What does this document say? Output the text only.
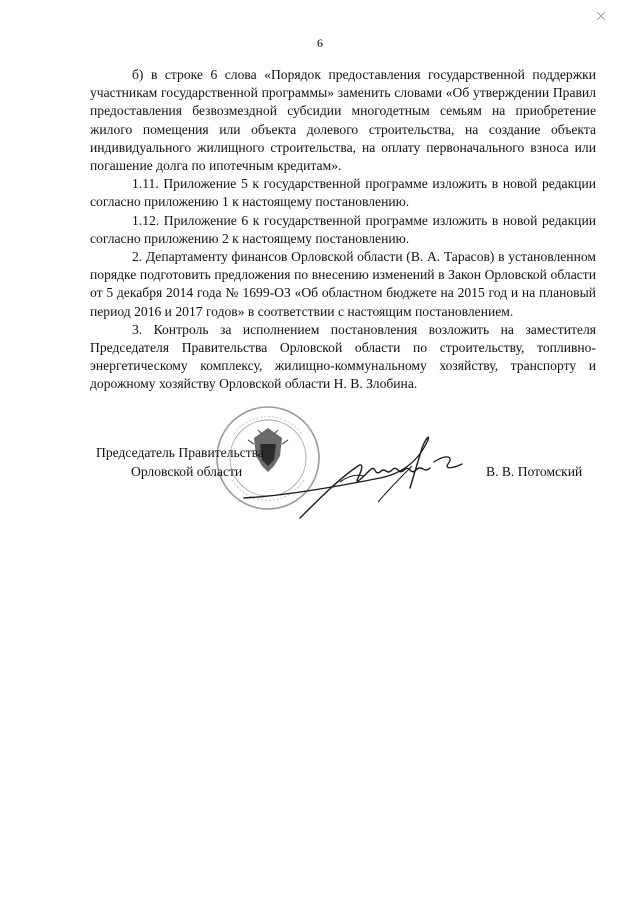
6

б) в строке 6 слова «Порядок предоставления государственной поддержки участникам государственной программы» заменить словами «Об утверждении Правил предоставления безвозмездной субсидии многодетным семьям на приобретение жилого помещения или объекта долевого строительства, на создание объекта индивидуального жилищного строительства, на оплату первоначального взноса или погашение долга по ипотечным кредитам».

1.11. Приложение 5 к государственной программе изложить в новой редакции согласно приложению 1 к настоящему постановлению.

1.12. Приложение 6 к государственной программе изложить в новой редакции согласно приложению 2 к настоящему постановлению.

2. Департаменту финансов Орловской области (В. А. Тарасов) в установленном порядке подготовить предложения по внесению изменений в Закон Орловской области от 5 декабря 2014 года № 1699-ОЗ «Об областном бюджете на 2015 год и на плановый период 2016 и 2017 годов» в соответствии с настоящим постановлением.

3. Контроль за исполнением постановления возложить на заместителя Председателя Правительства Орловской области по строительству, топливно-энергетическому комплексу, жилищно-коммунальному хозяйству, транспорту и дорожному хозяйству Орловской области Н. В. Злобина.

Председатель Правительства
Орловской области	В. В. Потомский
